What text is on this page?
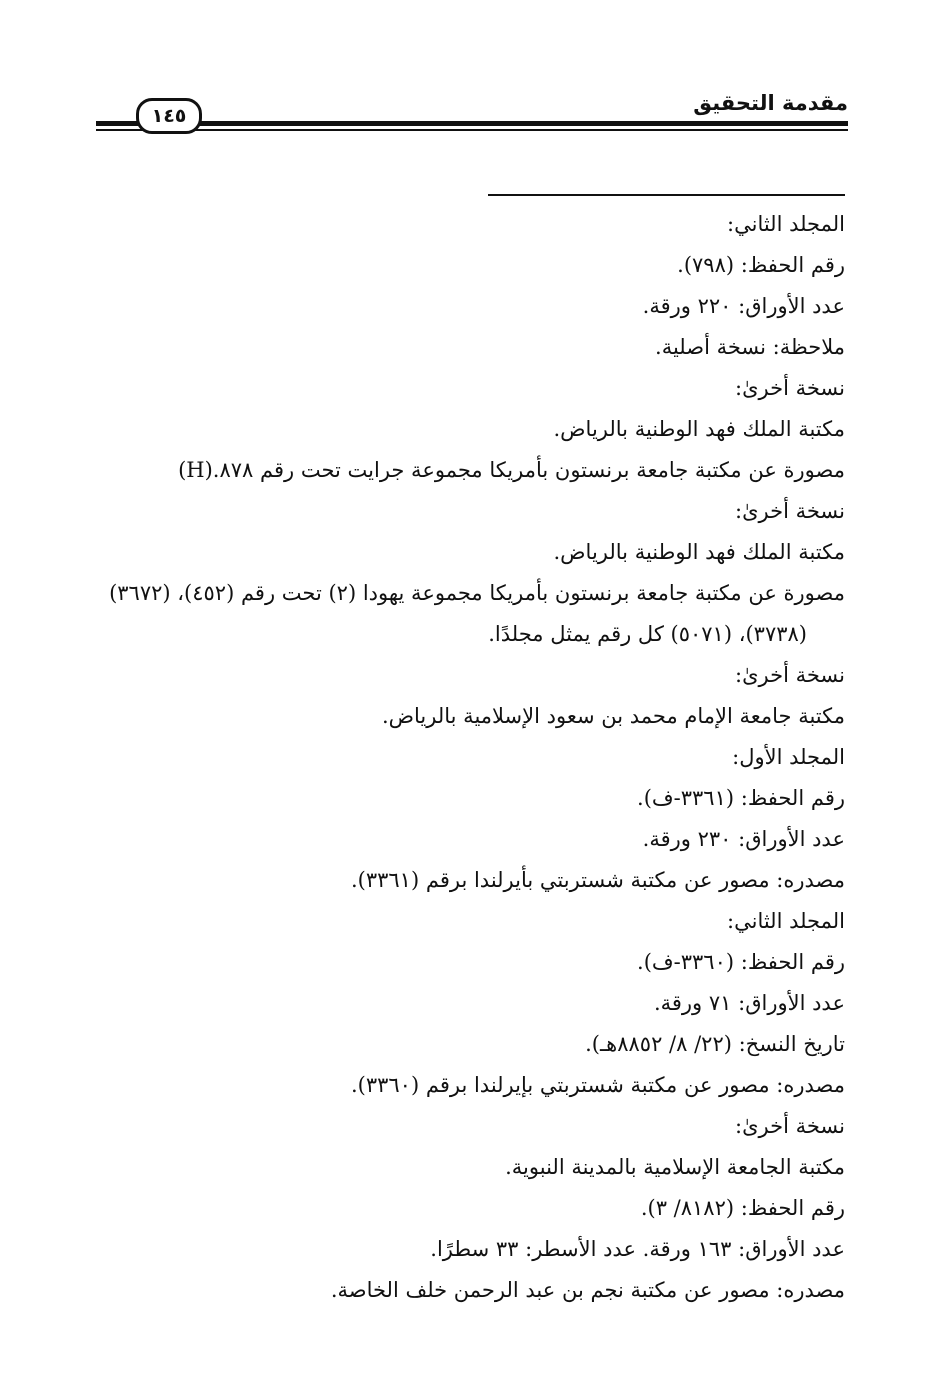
مقدمة التحقيق
١٤٥
المجلد الثاني:
رقم الحفظ: (٧٩٨).
عدد الأوراق: ٢٢٠ ورقة.
ملاحظة: نسخة أصلية.
نسخة أخرىٰ:
مكتبة الملك فهد الوطنية بالرياض.
مصورة عن مكتبة جامعة برنستون بأمريكا مجموعة جرايت تحت رقم ٨٧٨.(H)
نسخة أخرىٰ:
مكتبة الملك فهد الوطنية بالرياض.
مصورة عن مكتبة جامعة برنستون بأمريكا مجموعة يهودا (٢) تحت رقم (٤٥٢)، (٣٦٧٢)
(٣٧٣٨)، (٥٠٧١) كل رقم يمثل مجلدًا.
نسخة أخرىٰ:
مكتبة جامعة الإمام محمد بن سعود الإسلامية بالرياض.
المجلد الأول:
رقم الحفظ: (٣٣٦١-ف).
عدد الأوراق: ٢٣٠ ورقة.
مصدره: مصور عن مكتبة شستربتي بأيرلندا برقم (٣٣٦١).
المجلد الثاني:
رقم الحفظ: (٣٣٦٠-ف).
عدد الأوراق: ٧١ ورقة.
تاريخ النسخ: (٢٢/ ٨/ ٨٨٥٢هـ).
مصدره: مصور عن مكتبة شستربتي بإيرلندا برقم (٣٣٦٠).
نسخة أخرىٰ:
مكتبة الجامعة الإسلامية بالمدينة النبوية.
رقم الحفظ: (٨١٨٢/ ٣).
عدد الأوراق: ١٦٣ ورقة. عدد الأسطر: ٣٣ سطرًا.
مصدره: مصور عن مكتبة نجم بن عبد الرحمن خلف الخاصة.
